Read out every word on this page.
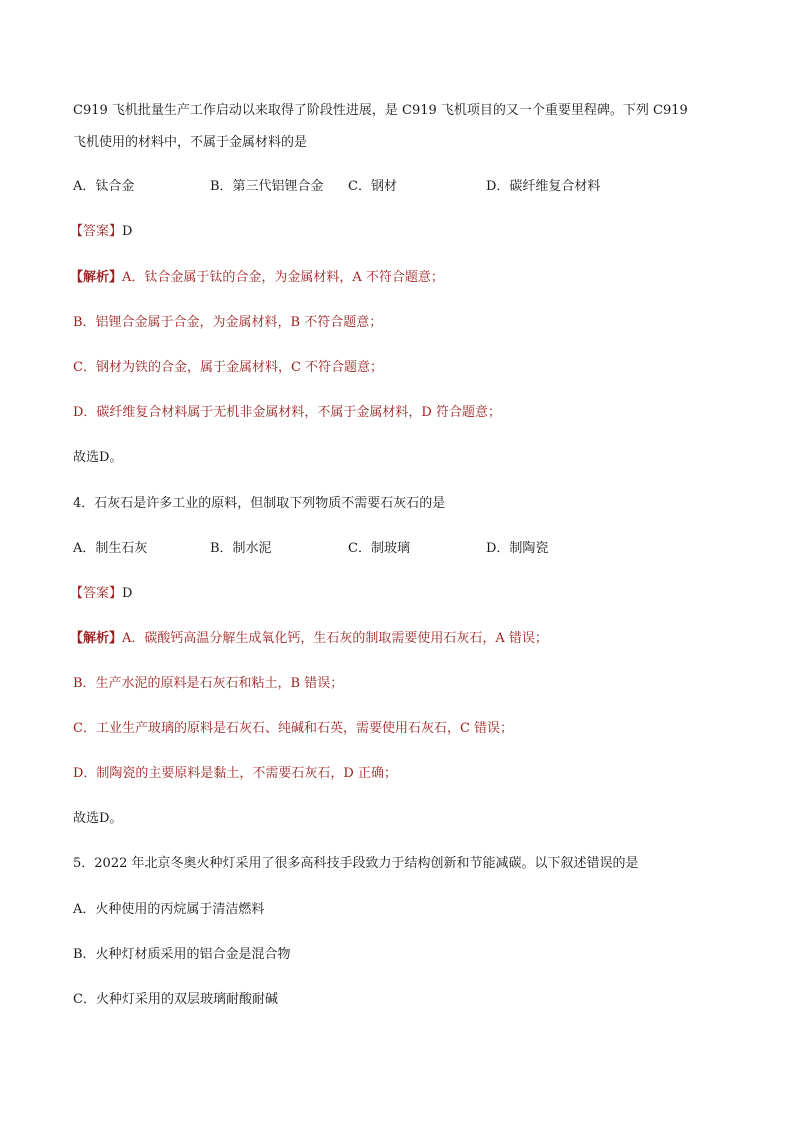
C919 飞机批量生产工作启动以来取得了阶段性进展，是 C919 飞机项目的又一个重要里程碑。下列 C919
飞机使用的材料中，不属于金属材料的是
A．钛合金	B．第三代铝锂合金 C．钢材	D．碳纤维复合材料
【答案】D
【解析】A．钛合金属于钛的合金，为金属材料，A 不符合题意；
B．铝锂合金属于合金，为金属材料，B 不符合题意；
C．钢材为铁的合金，属于金属材料，C 不符合题意；
D．碳纤维复合材料属于无机非金属材料，不属于金属材料，D 符合题意；
故选D。
4．石灰石是许多工业的原料，但制取下列物质不需要石灰石的是
A．制生石灰	B．制水泥	C．制玻璃	D．制陶瓷
【答案】D
【解析】A．碳酸钙高温分解生成氧化钙，生石灰的制取需要使用石灰石，A 错误；
B．生产水泥的原料是石灰石和粘土，B 错误；
C．工业生产玻璃的原料是石灰石、纯碱和石英，需要使用石灰石，C 错误；
D．制陶瓷的主要原料是黏土，不需要石灰石，D 正确；
故选D。
5．2022 年北京冬奥火种灯采用了很多高科技手段致力于结构创新和节能减碳。以下叙述错误的是
A．火种使用的丙烷属于清洁燃料
B．火种灯材质采用的铝合金是混合物
C．火种灯采用的双层玻璃耐酸耐碱
